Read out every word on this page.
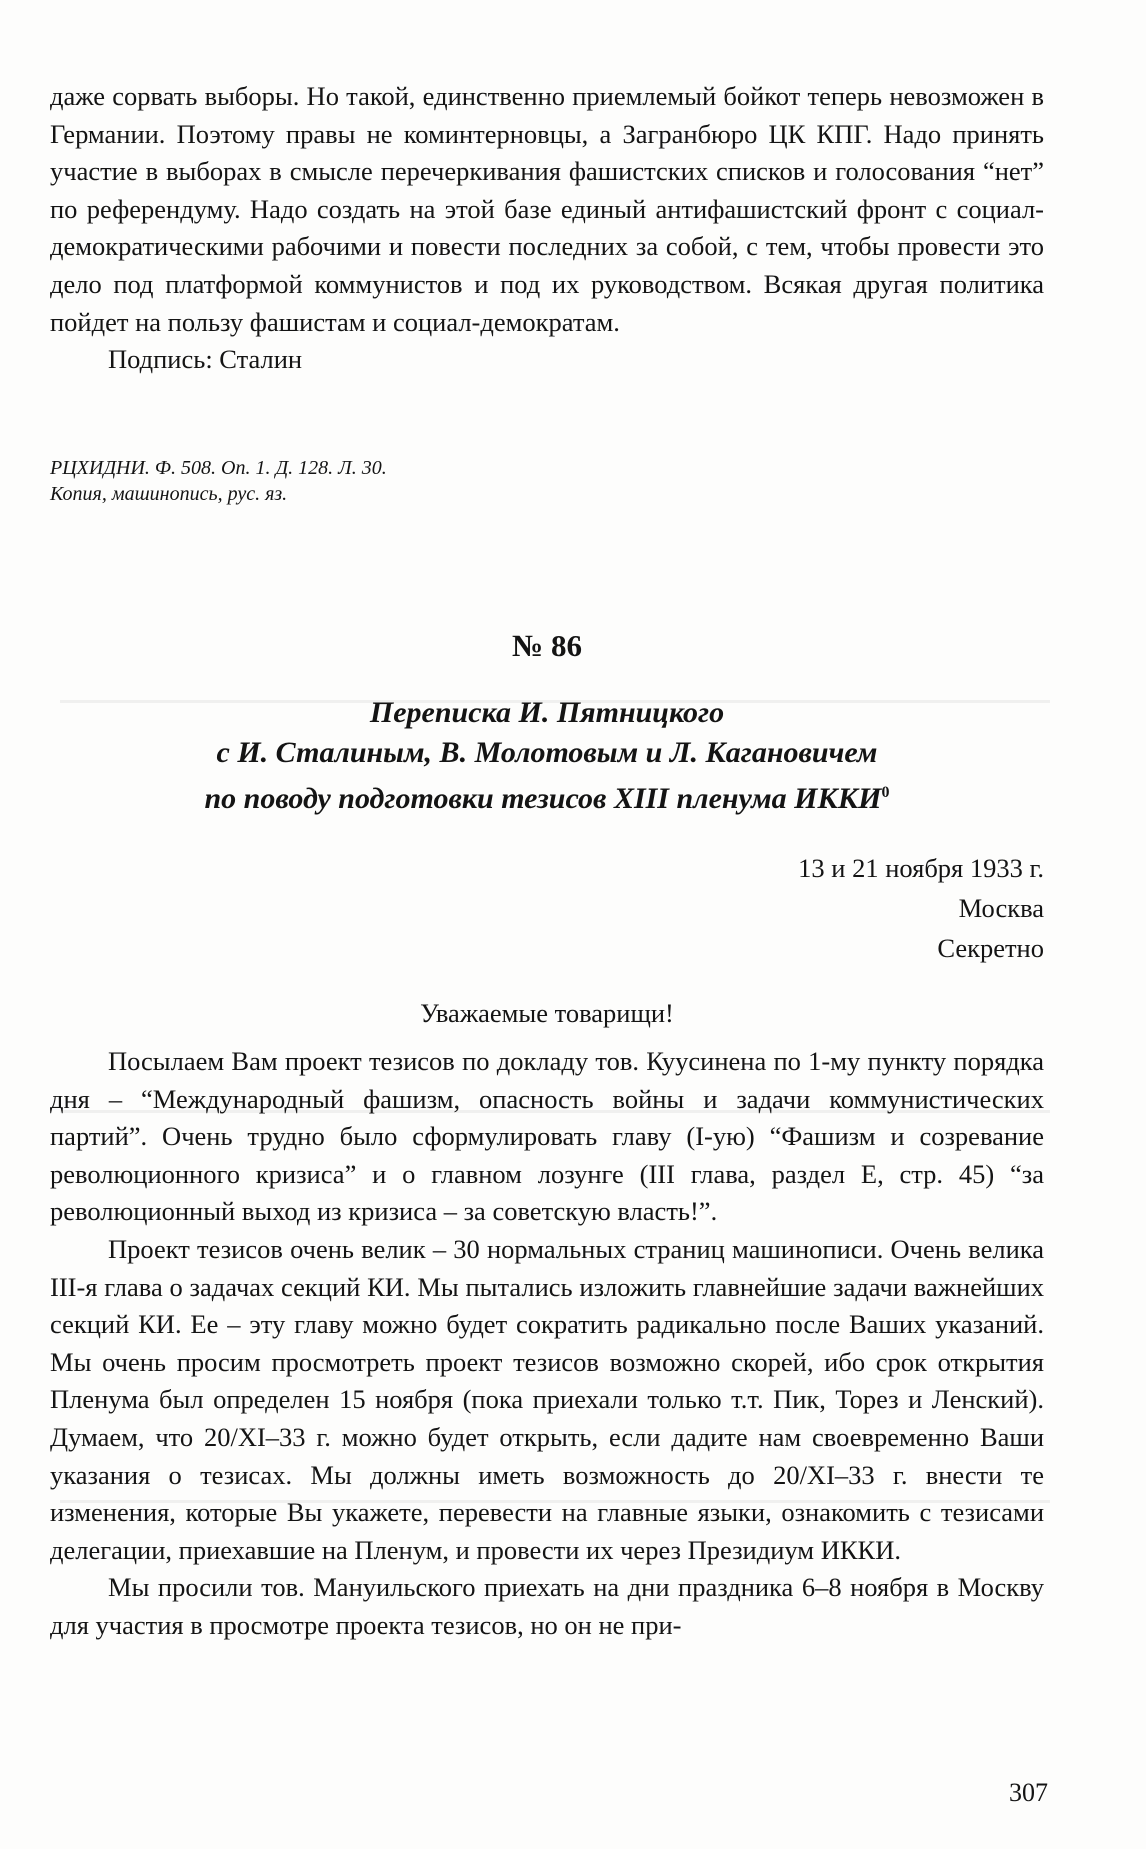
даже сорвать выборы. Но такой, единственно приемлемый бойкот теперь невозможен в Германии. Поэтому правы не коминтерновцы, а Загранбюро ЦК КПГ. Надо принять участие в выборах в смысле перечеркивания фашистских списков и голосования “нет” по референдуму. Надо создать на этой базе единый антифашистский фронт с социал-демократическими рабочими и повести последних за собой, с тем, чтобы провести это дело под платформой коммунистов и под их руководством. Всякая другая политика пойдет на пользу фашистам и социал-демократам.

Подпись: Сталин

РЦХИДНИ. Ф. 508. Оп. 1. Д. 128. Л. 30.

Копия, машинопись, рус. яз.

№ 86
Переписка И. Пятницкого
с И. Сталиным, В. Молотовым и Л. Кагановичем
по поводу подготовки тезисов XIII пленума ИККИ$^0$
13 и 21 ноября 1933 г.
Москва
Секретно
Уважаемые товарищи!

Посылаем Вам проект тезисов по докладу тов. Куусинена по 1-му пункту порядка дня – “Международный фашизм, опасность войны и задачи коммунистических партий”. Очень трудно было сформулировать главу (I-ую) “Фашизм и созревание революционного кризиса” и о главном лозунге (III глава, раздел Е, стр. 45) “за революционный выход из кризиса – за советскую власть!”.

Проект тезисов очень велик – 30 нормальных страниц машинописи. Очень велика III-я глава о задачах секций КИ. Мы пытались изложить главнейшие задачи важнейших секций КИ. Ее – эту главу можно будет сократить радикально после Ваших указаний. Мы очень просим просмотреть проект тезисов возможно скорей, ибо срок открытия Пленума был определен 15 ноября (пока приехали только т.т. Пик, Торез и Ленский). Думаем, что 20/XI–33 г. можно будет открыть, если дадите нам своевременно Ваши указания о тезисах. Мы должны иметь возможность до 20/XI–33 г. внести те изменения, которые Вы укажете, перевести на главные языки, ознакомить с тезисами делегации, приехавшие на Пленум, и провести их через Президиум ИККИ.

Мы просили тов. Мануильского приехать на дни праздника 6–8 ноября в Москву для участия в просмотре проекта тезисов, но он не при-

307
